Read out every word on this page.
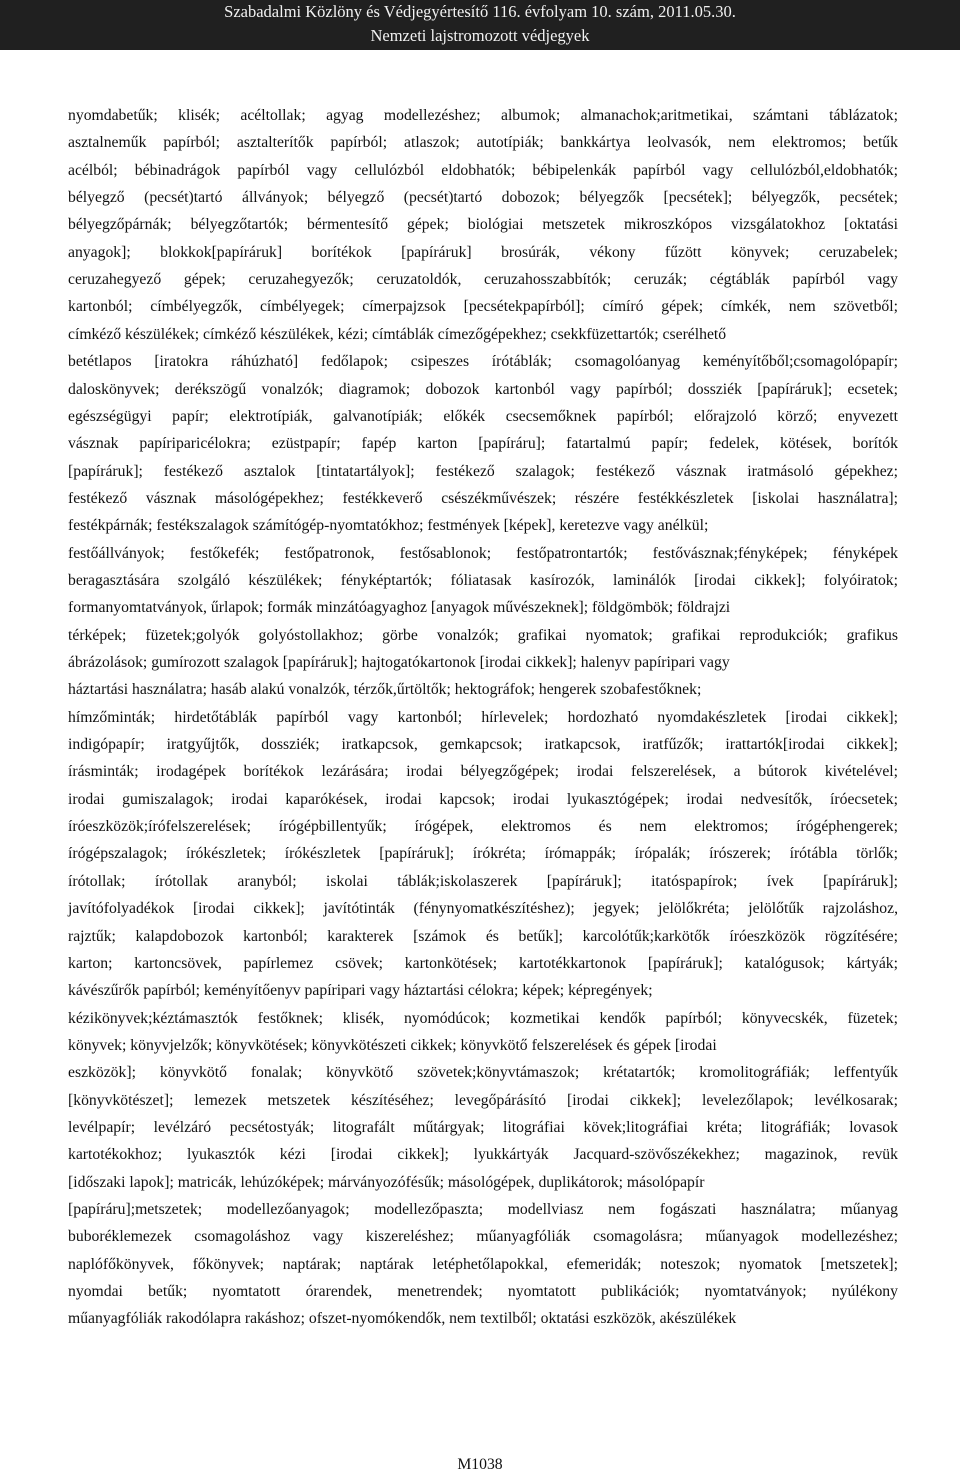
Szabadalmi Közlöny és Védjegyértesítő 116. évfolyam 10. szám, 2011.05.30.
Nemzeti lajstromozott védjegyek
nyomdabetűk; klisék; acéltollak; agyag modellezéshez; albumok; almanachok;aritmetikai, számtani táblázatok;
asztalneműk papírból; asztalterítők papírból; atlaszok; autotípiák; bankkártya leolvasók, nem elektromos; betűk
acélból; bébinadrágok papírból vagy cellulózból eldobhatók; bébipelenkák papírból vagy cellulózból,eldobhatók;
bélyegző (pecsét)tartó állványok; bélyegző (pecsét)tartó dobozok; bélyegzők [pecsétek]; bélyegzők, pecsétek;
bélyegzőpárnák; bélyegzőtartók; bérmentesítő gépek; biológiai metszetek mikroszkópos vizsgálatokhoz [oktatási
anyagok]; blokkok[papíráruk] borítékok [papíráruk] brosúrák, vékony fűzött könyvek; ceruzabelek;
ceruzahegyező gépek; ceruzahegyezők; ceruzatoldók, ceruzahosszabbítók; ceruzák; cégtáblák papírból vagy
kartonból; címbélyegzők, címbélyegek; címerpajzsok [pecsétekpapírból]; címíró gépek; címkék, nem szövetből;
címkéző készülékek; címkéző készülékek, kézi; címtáblák címezőgépekhez; csekkfüzettartók; cserélhető
betétlapos [iratokra ráhúzható] fedőlapok; csipeszes írótáblák; csomagolóanyag keményítőből;csomagolópapír;
daloskönyvek; derékszögű vonalzók; diagramok; dobozok kartonból vagy papírból; dossziék [papíráruk]; ecsetek;
egészségügyi papír; elektrotípiák, galvanotípiák; előkék csecsemőknek papírból; előrajzoló körző; enyvezett
vásznak papíriparicélokra; ezüstpapír; fapép karton [papíráru]; fatartalmú papír; fedelek, kötések, borítók
[papíráruk]; festékező asztalok [tintatartályok]; festékező szalagok; festékező vásznak iratmásoló gépekhez;
festékező vásznak másológépekhez; festékkeverő csészékművészek; részére festékkészletek [iskolai használatra];
festékpárnák; festékszalagok számítógép-nyomtatókhoz; festmények [képek], keretezve vagy anélkül;
festőállványok; festőkefék; festőpatronok, festősablonok; festőpatrontartók; festővásznak;fényképek; fényképek
beragasztására szolgáló készülékek; fényképtartók; fóliatasak kasírozók, laminálók [irodai cikkek]; folyóiratok;
formanyomtatványok, űrlapok; formák minzátóagyaghoz [anyagok művészeknek]; földgömbök; földrajzi
térképek; füzetek;golyók golyóstollakhoz; görbe vonalzók; grafikai nyomatok; grafikai reprodukciók; grafikus
ábrázolások; gumírozott szalagok [papíráruk]; hajtogatókartonok [irodai cikkek]; halenyv papíripari vagy
háztartási használatra; hasáb alakú vonalzók, térzők,űrtöltők; hektográfok; hengerek szobafestőknek;
hímzőminták; hirdetőtáblák papírból vagy kartonból; hírlevelek; hordozható nyomdakészletek [irodai cikkek];
indigópapír; iratgyűjtők, dossziék; iratkapcsok, gemkapcsok; iratkapcsok, iratfűzők; irattartók[irodai cikkek];
írásminták; irodagépek borítékok lezárására; irodai bélyegzőgépek; irodai felszerelések, a bútorok kivételével;
irodai gumiszalagok; irodai kaparókések, irodai kapcsok; irodai lyukasztógépek; irodai nedvesítők, íróecsetek;
íróeszközök;írófelszerelések; írógépbillentyűk; írógépek, elektromos és nem elektromos; írógéphengerek;
írógépszalagok; írókészletek; írókészletek [papíráruk]; írókréta; írómappák; írópalák; írószerek; írótábla törlők;
írótollak; írótollak aranyból; iskolai táblák;iskolaszerek [papíráruk]; itatóspapírok; ívek [papíráruk];
javítófolyadékok [irodai cikkek]; javítótinták (fénynyomatkészítéshez); jegyek; jelölőkréta; jelölőtűk rajzoláshoz,
rajztűk; kalapdobozok kartonból; karakterek [számok és betűk]; karcolótűk;karkötők íróeszközök rögzítésére;
karton; kartoncsövek, papírlemez csövek; kartonkötések; kartotékkartonok [papíráruk]; katalógusok; kártyák;
kávészűrők papírból; keményítőenyv papíripari vagy háztartási célokra; képek; képregények;
kézikönyvek;kéztámasztók festőknek; klisék, nyomódúcok; kozmetikai kendők papírból; könyvecskék, füzetek;
könyvek; könyvjelzők; könyvkötések; könyvkötészeti cikkek; könyvkötő felszerelések és gépek [irodai
eszközök]; könyvkötő fonalak; könyvkötő szövetek;könyvtámaszok; krétatartók; kromolitográfiák; leffentyűk
[könyvkötészet]; lemezek metszetek készítéséhez; levegőpárásító [irodai cikkek]; levelezőlapok; levélkosarak;
levélpapír; levélzáró pecsétostyák; litografált műtárgyak; litográfiai kövek;litográfiai kréta; litográfiák; lovasok
kartotékokhoz; lyukasztók kézi [irodai cikkek]; lyukkártyák Jacquard-szövőszékekhez; magazinok, revük
[időszaki lapok]; matricák, lehúzóképek; márványozófésűk; másológépek, duplikátorok; másolópapír
[papíráru];metszetek; modellezőanyagok; modellezőpaszta; modellviasz nem fogászati használatra; műanyag
buboréklemezek csomagoláshoz vagy kiszereléshez; műanyagfóliák csomagolásra; műanyagok modellezéshez;
naplófőkönyvek, főkönyvek; naptárak; naptárak letéphetőlapokkal, efemeridák; noteszok; nyomatok [metszetek];
nyomdai betűk; nyomtatott órarendek, menetrendek; nyomtatott publikációk; nyomtatványok; nyúlékony
műanyagfóliák rakodólapra rakáshoz; ofszet-nyomókendők, nem textilből; oktatási eszközök, akészülékek
M1038
